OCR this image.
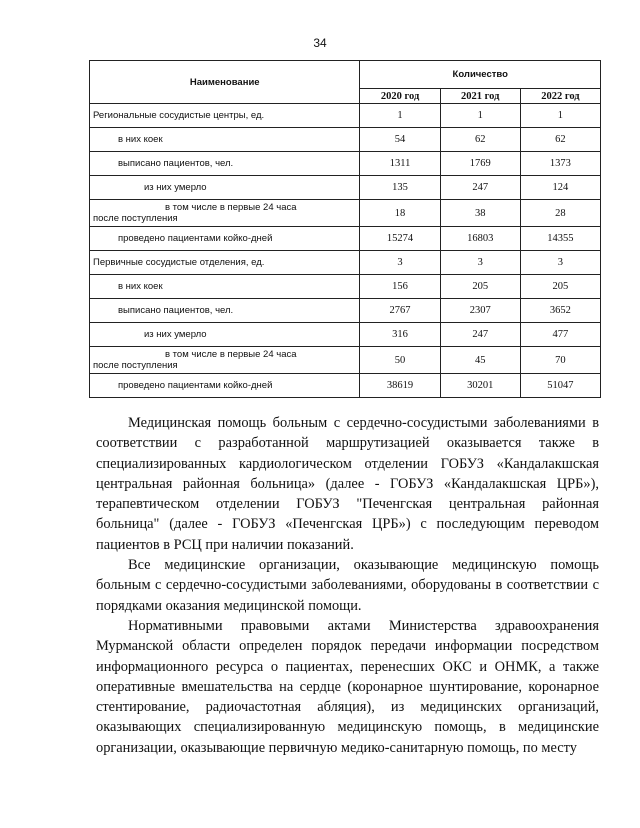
34
Наименование	Количество		
	2020 год	2021 год	2022 год
Региональные сосудистые центры, ед.	1	1	1
в них коек	54	62	62
выписано пациентов, чел.	1311	1769	1373
из них умерло	135	247	124

в том числе в первые 24 часа
после поступления	18	38	28
проведено пациентами койко-дней	15274	16803	14355
Первичные сосудистые отделения, ед.	3	3	3
в них коек	156	205	205
выписано пациентов, чел.	2767	2307	3652
из них умерло	316	247	477

в том числе в первые 24 часа
после поступления	50	45	70
проведено пациентами койко-дней	38619	30201	51047

Медицинская помощь больным с сердечно-сосудистыми заболеваниями в соответствии с разработанной маршрутизацией оказывается также в специализированных кардиологическом отделении ГОБУЗ «Кандалакшская центральная районная больница» (далее - ГОБУЗ «Кандалакшская ЦРБ»), терапевтическом отделении ГОБУЗ "Печенгская центральная районная больница" (далее - ГОБУЗ «Печенгская ЦРБ») с последующим переводом пациентов в РСЦ при наличии показаний.

Все медицинские организации, оказывающие медицинскую помощь больным с сердечно-сосудистыми заболеваниями, оборудованы в соответствии с порядками оказания медицинской помощи.

Нормативными правовыми актами Министерства здравоохранения Мурманской области определен порядок передачи информации посредством информационного ресурса о пациентах, перенесших ОКС и ОНМК, а также оперативные вмешательства на сердце (коронарное шунтирование, коронарное стентирование, радиочастотная абляция), из медицинских организаций, оказывающих специализированную медицинскую помощь, в медицинские организации, оказывающие первичную медико-санитарную помощь, по месту
